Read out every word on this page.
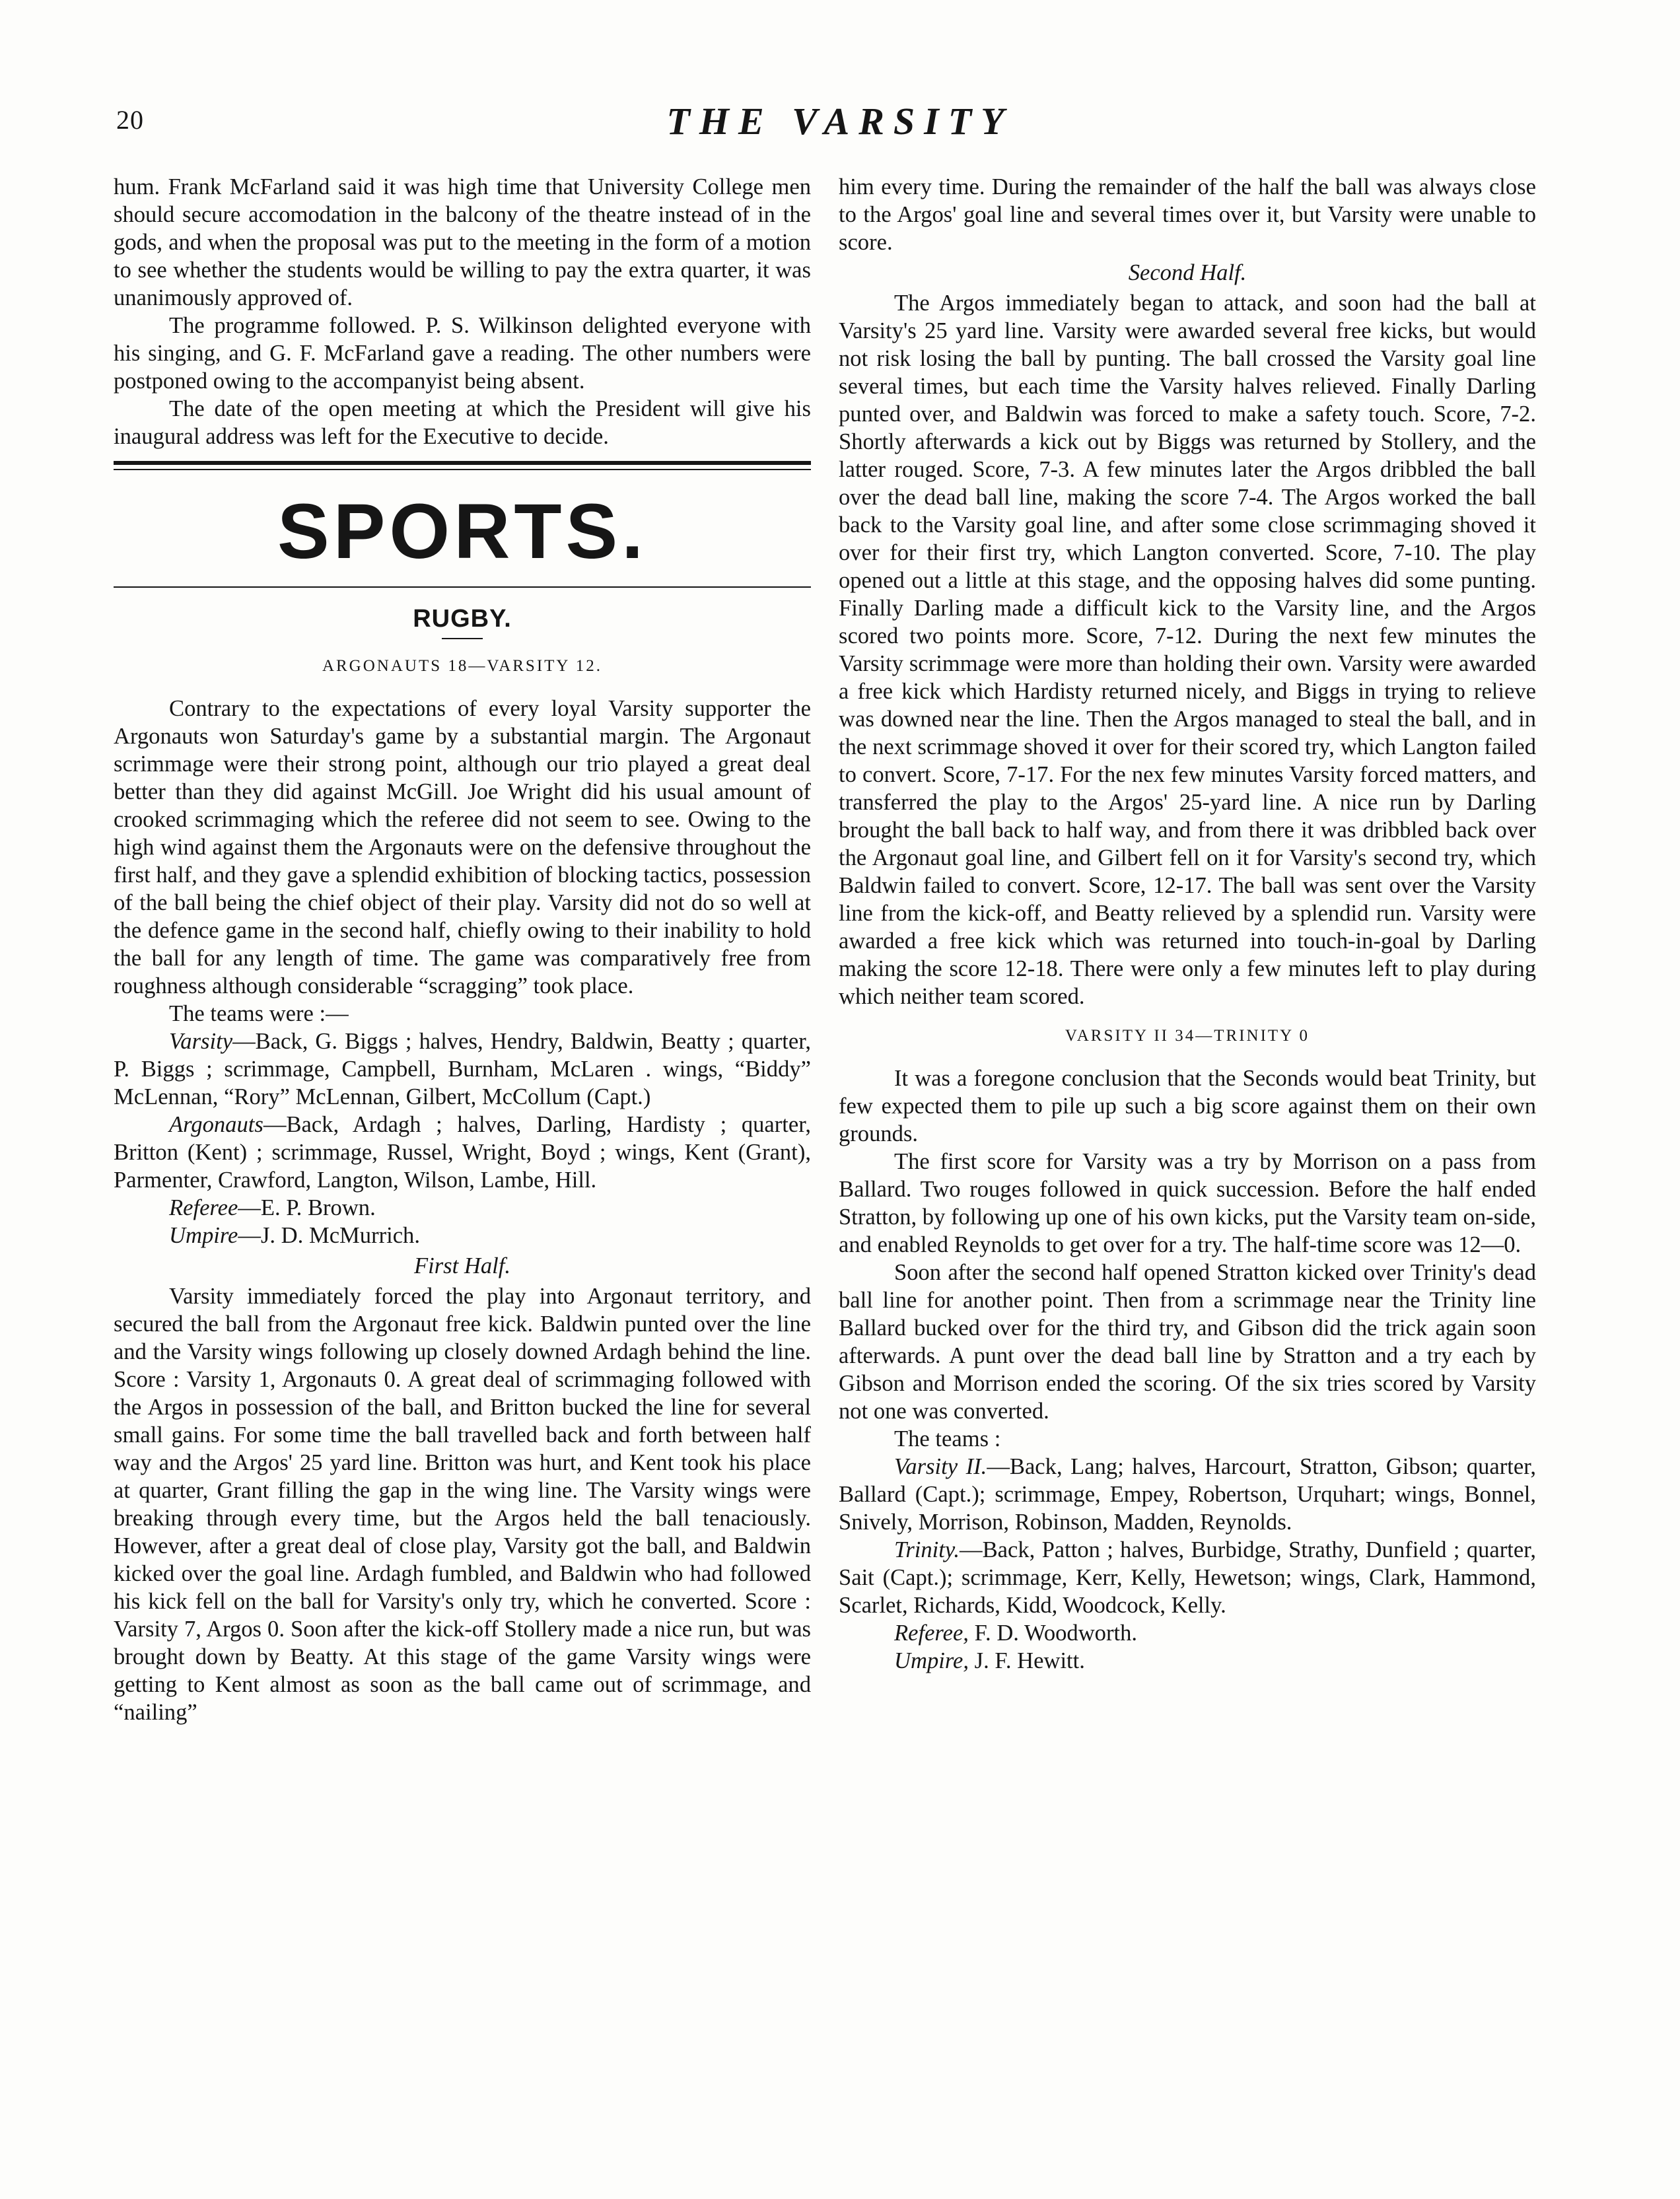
20	THE VARSITY

hum. Frank McFarland said it was high time that University College men should secure accomodation in the balcony of the theatre instead of in the gods, and when the proposal was put to the meeting in the form of a motion to see whether the students would be willing to pay the extra quarter, it was unanimously approved of.

The programme followed. P. S. Wilkinson delighted everyone with his singing, and G. F. McFarland gave a reading. The other numbers were postponed owing to the accompanyist being absent.

The date of the open meeting at which the President will give his inaugural address was left for the Executive to decide.

SPORTS.
RUGBY.
ARGONAUTS 18—VARSITY 12.

Contrary to the expectations of every loyal Varsity supporter the Argonauts won Saturday's game by a substantial margin. The Argonaut scrimmage were their strong point, although our trio played a great deal better than they did against McGill. Joe Wright did his usual amount of crooked scrimmaging which the referee did not seem to see. Owing to the high wind against them the Argonauts were on the defensive throughout the first half, and they gave a splendid exhibition of blocking tactics, possession of the ball being the chief object of their play. Varsity did not do so well at the defence game in the second half, chiefly owing to their inability to hold the ball for any length of time. The game was comparatively free from roughness although considerable “scragging” took place.

The teams were :—

Varsity—Back, G. Biggs ; halves, Hendry, Baldwin, Beatty ; quarter, P. Biggs ; scrimmage, Campbell, Burnham, McLaren . wings, “Biddy” McLennan, “Rory” McLennan, Gilbert, McCollum (Capt.)

Argonauts—Back, Ardagh ; halves, Darling, Hardisty ; quarter, Britton (Kent) ; scrimmage, Russel, Wright, Boyd ; wings, Kent (Grant), Parmenter, Crawford, Langton, Wilson, Lambe, Hill.

Referee—E. P. Brown.

Umpire—J. D. McMurrich.

First Half.

Varsity immediately forced the play into Argonaut territory, and secured the ball from the Argonaut free kick. Baldwin punted over the line and the Varsity wings following up closely downed Ardagh behind the line. Score : Varsity 1, Argonauts 0. A great deal of scrimmaging followed with the Argos in possession of the ball, and Britton bucked the line for several small gains. For some time the ball travelled back and forth between half way and the Argos' 25 yard line. Britton was hurt, and Kent took his place at quarter, Grant filling the gap in the wing line. The Varsity wings were breaking through every time, but the Argos held the ball tenaciously. However, after a great deal of close play, Varsity got the ball, and Baldwin kicked over the goal line. Ardagh fumbled, and Baldwin who had followed his kick fell on the ball for Varsity's only try, which he converted. Score : Varsity 7, Argos 0. Soon after the kick-off Stollery made a nice run, but was brought down by Beatty. At this stage of the game Varsity wings were getting to Kent almost as soon as the ball came out of scrimmage, and “nailing”

him every time. During the remainder of the half the ball was always close to the Argos' goal line and several times over it, but Varsity were unable to score.

Second Half.

The Argos immediately began to attack, and soon had the ball at Varsity's 25 yard line. Varsity were awarded several free kicks, but would not risk losing the ball by punting. The ball crossed the Varsity goal line several times, but each time the Varsity halves relieved. Finally Darling punted over, and Baldwin was forced to make a safety touch. Score, 7-2. Shortly afterwards a kick out by Biggs was returned by Stollery, and the latter rouged. Score, 7-3. A few minutes later the Argos dribbled the ball over the dead ball line, making the score 7-4. The Argos worked the ball back to the Varsity goal line, and after some close scrimmaging shoved it over for their first try, which Langton converted. Score, 7-10. The play opened out a little at this stage, and the opposing halves did some punting. Finally Darling made a difficult kick to the Varsity line, and the Argos scored two points more. Score, 7-12. During the next few minutes the Varsity scrimmage were more than holding their own. Varsity were awarded a free kick which Hardisty returned nicely, and Biggs in trying to relieve was downed near the line. Then the Argos managed to steal the ball, and in the next scrimmage shoved it over for their scored try, which Langton failed to convert. Score, 7-17. For the nex few minutes Varsity forced matters, and transferred the play to the Argos' 25-yard line. A nice run by Darling brought the ball back to half way, and from there it was dribbled back over the Argonaut goal line, and Gilbert fell on it for Varsity's second try, which Baldwin failed to convert. Score, 12-17. The ball was sent over the Varsity line from the kick-off, and Beatty relieved by a splendid run. Varsity were awarded a free kick which was returned into touch-in-goal by Darling making the score 12-18. There were only a few minutes left to play during which neither team scored.

VARSITY II 34—TRINITY 0

It was a foregone conclusion that the Seconds would beat Trinity, but few expected them to pile up such a big score against them on their own grounds.

The first score for Varsity was a try by Morrison on a pass from Ballard. Two rouges followed in quick succession. Before the half ended Stratton, by following up one of his own kicks, put the Varsity team on-side, and enabled Reynolds to get over for a try. The half-time score was 12—0.

Soon after the second half opened Stratton kicked over Trinity's dead ball line for another point. Then from a scrimmage near the Trinity line Ballard bucked over for the third try, and Gibson did the trick again soon afterwards. A punt over the dead ball line by Stratton and a try each by Gibson and Morrison ended the scoring. Of the six tries scored by Varsity not one was converted.

The teams :

Varsity II.—Back, Lang; halves, Harcourt, Stratton, Gibson; quarter, Ballard (Capt.); scrimmage, Empey, Robertson, Urquhart; wings, Bonnel, Snively, Morrison, Robinson, Madden, Reynolds.

Trinity.—Back, Patton ; halves, Burbidge, Strathy, Dunfield ; quarter, Sait (Capt.); scrimmage, Kerr, Kelly, Hewetson; wings, Clark, Hammond, Scarlet, Richards, Kidd, Woodcock, Kelly.

Referee, F. D. Woodworth.

Umpire, J. F. Hewitt.
